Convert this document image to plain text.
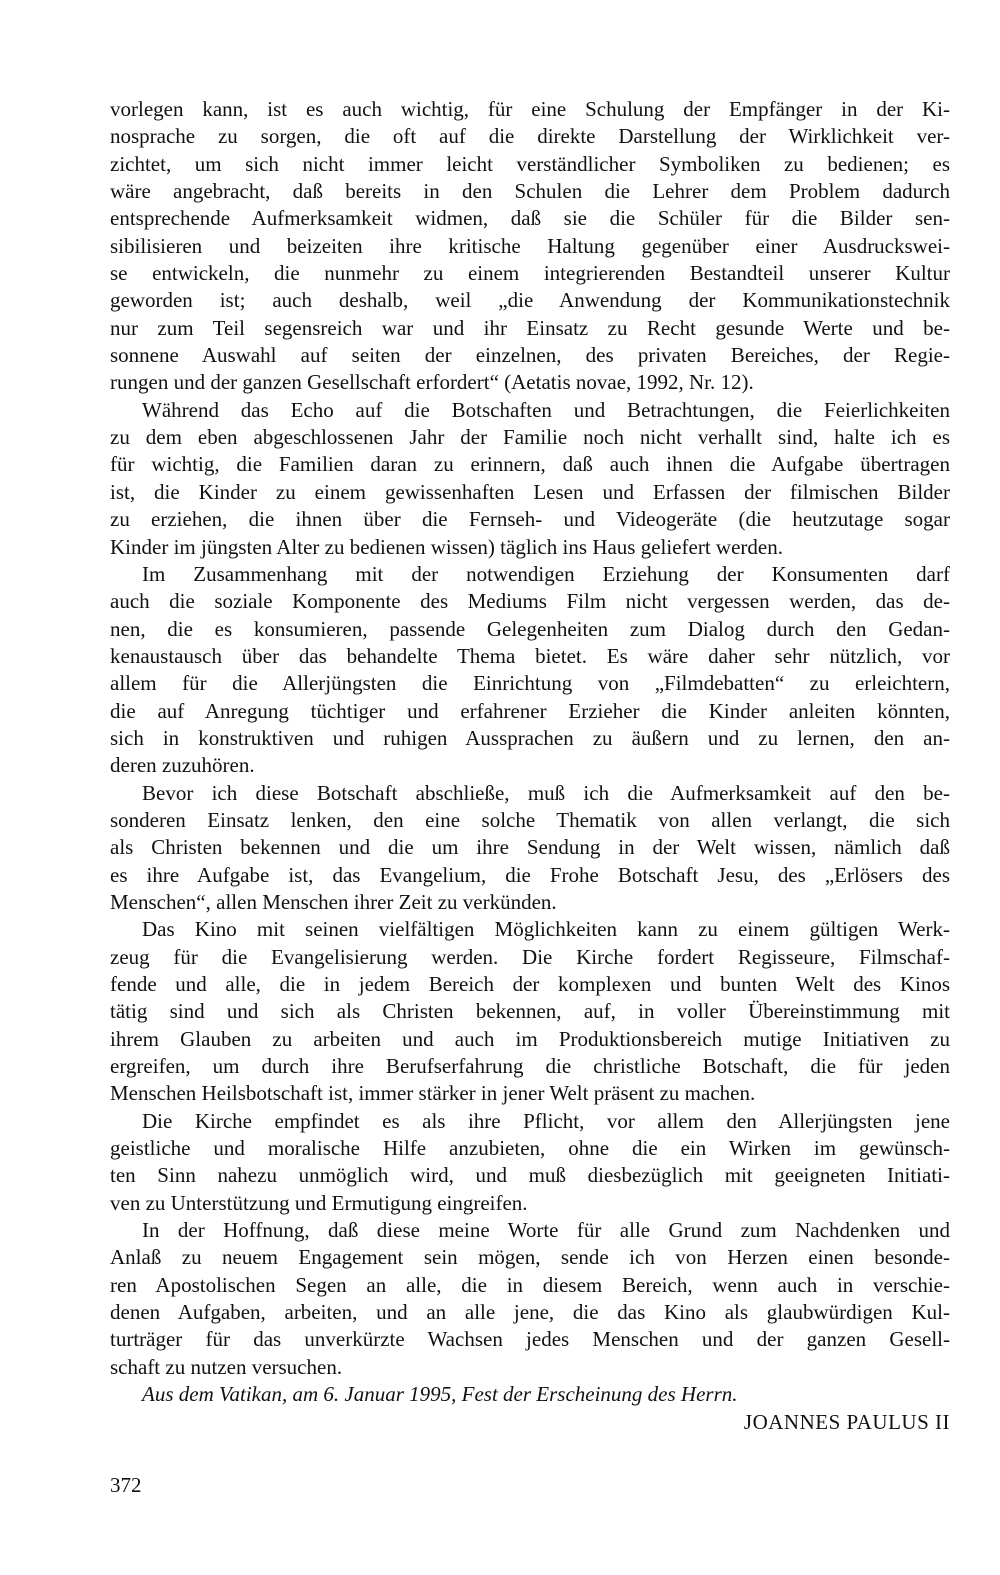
vorlegen kann, ist es auch wichtig, für eine Schulung der Empfänger in der Ki-
nosprache zu sorgen, die oft auf die direkte Darstellung der Wirklichkeit ver-
zichtet, um sich nicht immer leicht verständlicher Symboliken zu bedienen; es
wäre angebracht, daß bereits in den Schulen die Lehrer dem Problem dadurch
entsprechende Aufmerksamkeit widmen, daß sie die Schüler für die Bilder sen-
sibilisieren und beizeiten ihre kritische Haltung gegenüber einer Ausdruckswei-
se entwickeln, die nunmehr zu einem integrierenden Bestandteil unserer Kultur
geworden ist; auch deshalb, weil „die Anwendung der Kommunikationstechnik
nur zum Teil segensreich war und ihr Einsatz zu Recht gesunde Werte und be-
sonnene Auswahl auf seiten der einzelnen, des privaten Bereiches, der Regie-
rungen und der ganzen Gesellschaft erfordert“ (Aetatis novae, 1992, Nr. 12).
Während das Echo auf die Botschaften und Betrachtungen, die Feierlichkeiten
zu dem eben abgeschlossenen Jahr der Familie noch nicht verhallt sind, halte ich es
für wichtig, die Familien daran zu erinnern, daß auch ihnen die Aufgabe übertragen
ist, die Kinder zu einem gewissenhaften Lesen und Erfassen der filmischen Bilder
zu erziehen, die ihnen über die Fernseh- und Videogeräte (die heutzutage sogar
Kinder im jüngsten Alter zu bedienen wissen) täglich ins Haus geliefert werden.
Im Zusammenhang mit der notwendigen Erziehung der Konsumenten darf
auch die soziale Komponente des Mediums Film nicht vergessen werden, das de-
nen, die es konsumieren, passende Gelegenheiten zum Dialog durch den Gedan-
kenaustausch über das behandelte Thema bietet. Es wäre daher sehr nützlich, vor
allem für die Allerjüngsten die Einrichtung von „Filmdebatten“ zu erleichtern,
die auf Anregung tüchtiger und erfahrener Erzieher die Kinder anleiten könnten,
sich in konstruktiven und ruhigen Aussprachen zu äußern und zu lernen, den an-
deren zuzuhören.
Bevor ich diese Botschaft abschließe, muß ich die Aufmerksamkeit auf den be-
sonderen Einsatz lenken, den eine solche Thematik von allen verlangt, die sich
als Christen bekennen und die um ihre Sendung in der Welt wissen, nämlich daß
es ihre Aufgabe ist, das Evangelium, die Frohe Botschaft Jesu, des „Erlösers des
Menschen“, allen Menschen ihrer Zeit zu verkünden.
Das Kino mit seinen vielfältigen Möglichkeiten kann zu einem gültigen Werk-
zeug für die Evangelisierung werden. Die Kirche fordert Regisseure, Filmschaf-
fende und alle, die in jedem Bereich der komplexen und bunten Welt des Kinos
tätig sind und sich als Christen bekennen, auf, in voller Übereinstimmung mit
ihrem Glauben zu arbeiten und auch im Produktionsbereich mutige Initiativen zu
ergreifen, um durch ihre Berufserfahrung die christliche Botschaft, die für jeden
Menschen Heilsbotschaft ist, immer stärker in jener Welt präsent zu machen.
Die Kirche empfindet es als ihre Pflicht, vor allem den Allerjüngsten jene
geistliche und moralische Hilfe anzubieten, ohne die ein Wirken im gewünsch-
ten Sinn nahezu unmöglich wird, und muß diesbezüglich mit geeigneten Initiati-
ven zu Unterstützung und Ermutigung eingreifen.
In der Hoffnung, daß diese meine Worte für alle Grund zum Nachdenken und
Anlaß zu neuem Engagement sein mögen, sende ich von Herzen einen besonde-
ren Apostolischen Segen an alle, die in diesem Bereich, wenn auch in verschie-
denen Aufgaben, arbeiten, und an alle jene, die das Kino als glaubwürdigen Kul-
turträger für das unverkürzte Wachsen jedes Menschen und der ganzen Gesell-
schaft zu nutzen versuchen.
Aus dem Vatikan, am 6. Januar 1995, Fest der Erscheinung des Herrn.
JOANNES PAULUS II
372
